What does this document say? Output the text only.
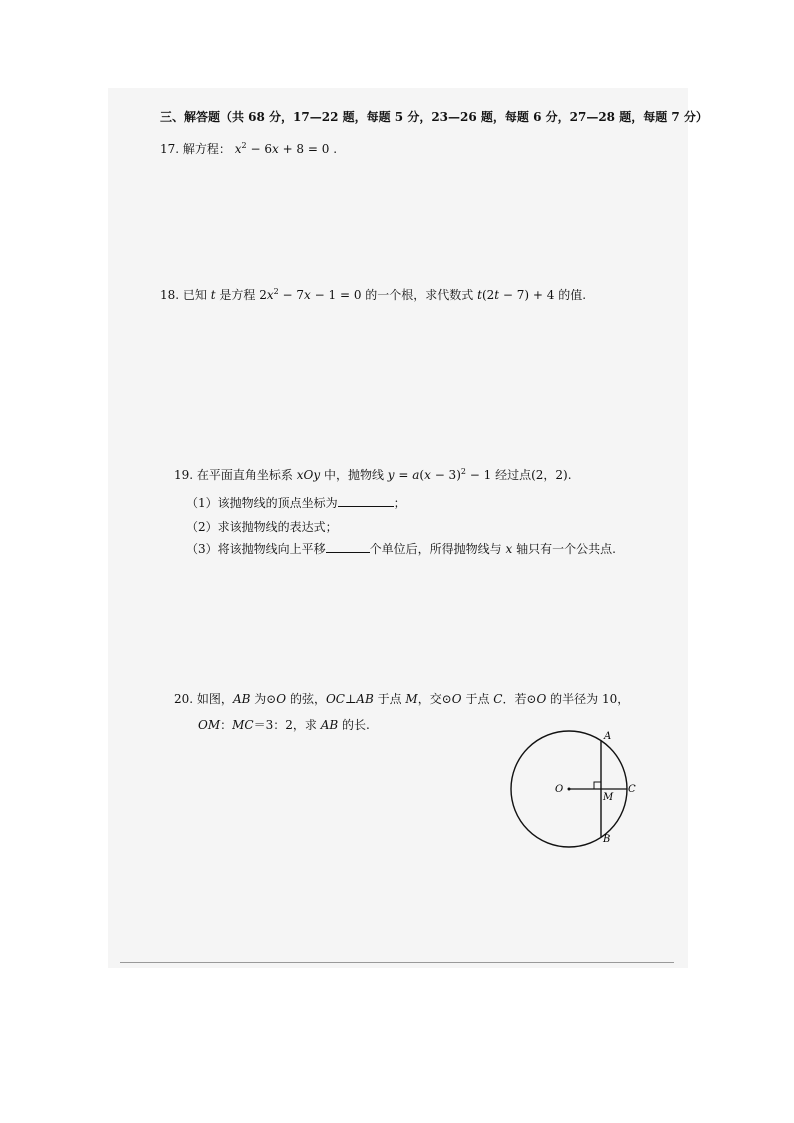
三、解答题（共 68 分，17—22 题，每题 5 分，23—26 题，每题 6 分，27—28 题，每题 7 分）
17. 解方程： $x^2 - 6x + 8 = 0$ .
18. 已知 t 是方程 $2x^2 - 7x - 1 = 0$ 的一个根，求代数式 t(2t − 7) + 4 的值.
19. 在平面直角坐标系 xOy 中，抛物线 $y = a(x - 3)^2 - 1$ 经过点(2，2).
（1）该抛物线的顶点坐标为	；
（2）求该抛物线的表达式；
（3）将该抛物线向上平移	个单位后，所得抛物线与 x 轴只有一个公共点.
20. 如图，AB 为⊙O 的弦，OC⊥AB 于点 M，交⊙O 于点 C．若⊙O 的半径为 10，
OM：MC＝3：2，求 AB 的长.
O
A
B
C
M
